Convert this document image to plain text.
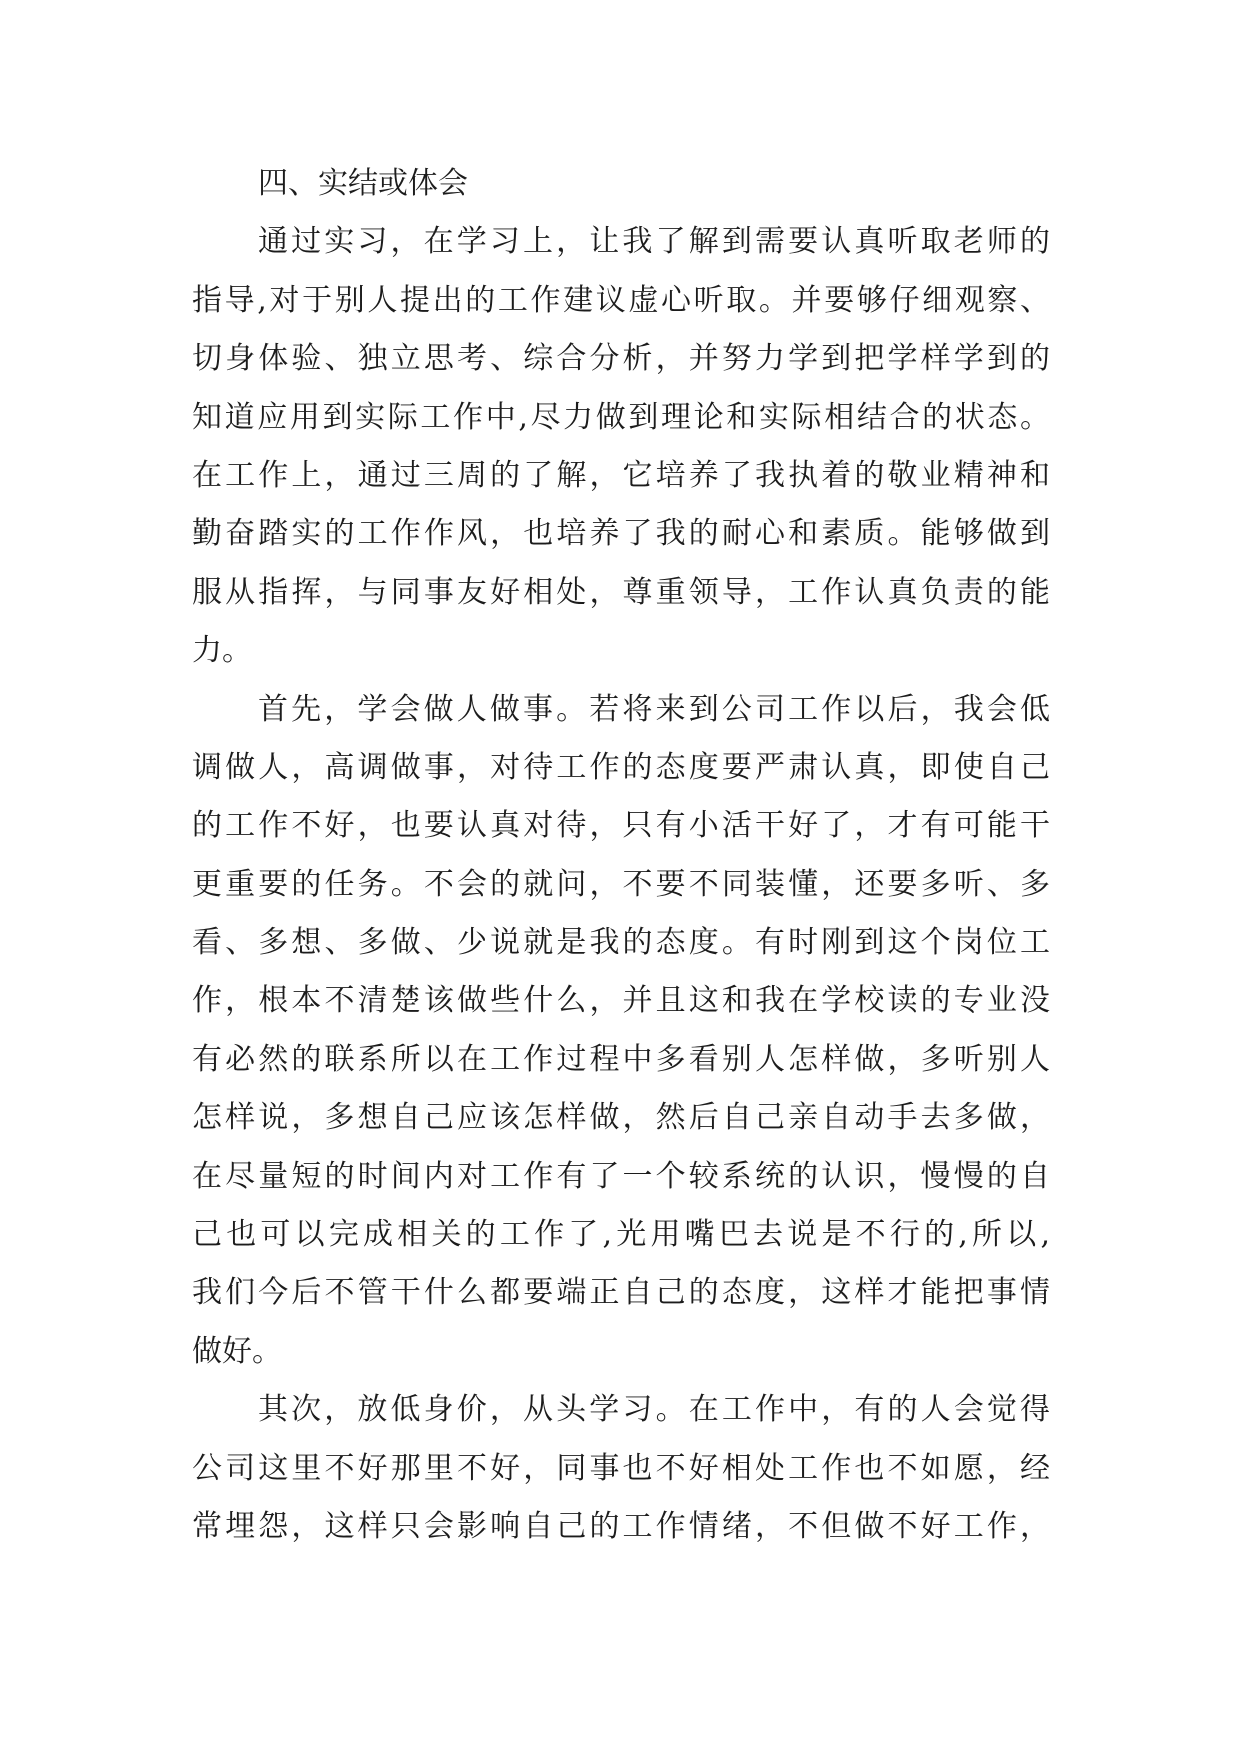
四、实结或体会
通过实习，在学习上，让我了解到需要认真听取老师的
指导,对于别人提出的工作建议虚心听取。并要够仔细观察、
切身体验、独立思考、综合分析，并努力学到把学样学到的
知道应用到实际工作中,尽力做到理论和实际相结合的状态。
在工作上，通过三周的了解，它培养了我执着的敬业精神和
勤奋踏实的工作作风，也培养了我的耐心和素质。能够做到
服从指挥，与同事友好相处，尊重领导，工作认真负责的能
力。
首先，学会做人做事。若将来到公司工作以后，我会低
调做人，高调做事，对待工作的态度要严肃认真，即使自己
的工作不好，也要认真对待，只有小活干好了，才有可能干
更重要的任务。不会的就问，不要不同装懂，还要多听、多
看、多想、多做、少说就是我的态度。有时刚到这个岗位工
作，根本不清楚该做些什么，并且这和我在学校读的专业没
有必然的联系所以在工作过程中多看别人怎样做，多听别人
怎样说，多想自己应该怎样做，然后自己亲自动手去多做，
在尽量短的时间内对工作有了一个较系统的认识，慢慢的自
己也可以完成相关的工作了,光用嘴巴去说是不行的,所以,
我们今后不管干什么都要端正自己的态度，这样才能把事情
做好。
其次，放低身价，从头学习。在工作中，有的人会觉得
公司这里不好那里不好，同事也不好相处工作也不如愿，经
常埋怨，这样只会影响自己的工作情绪，不但做不好工作，
